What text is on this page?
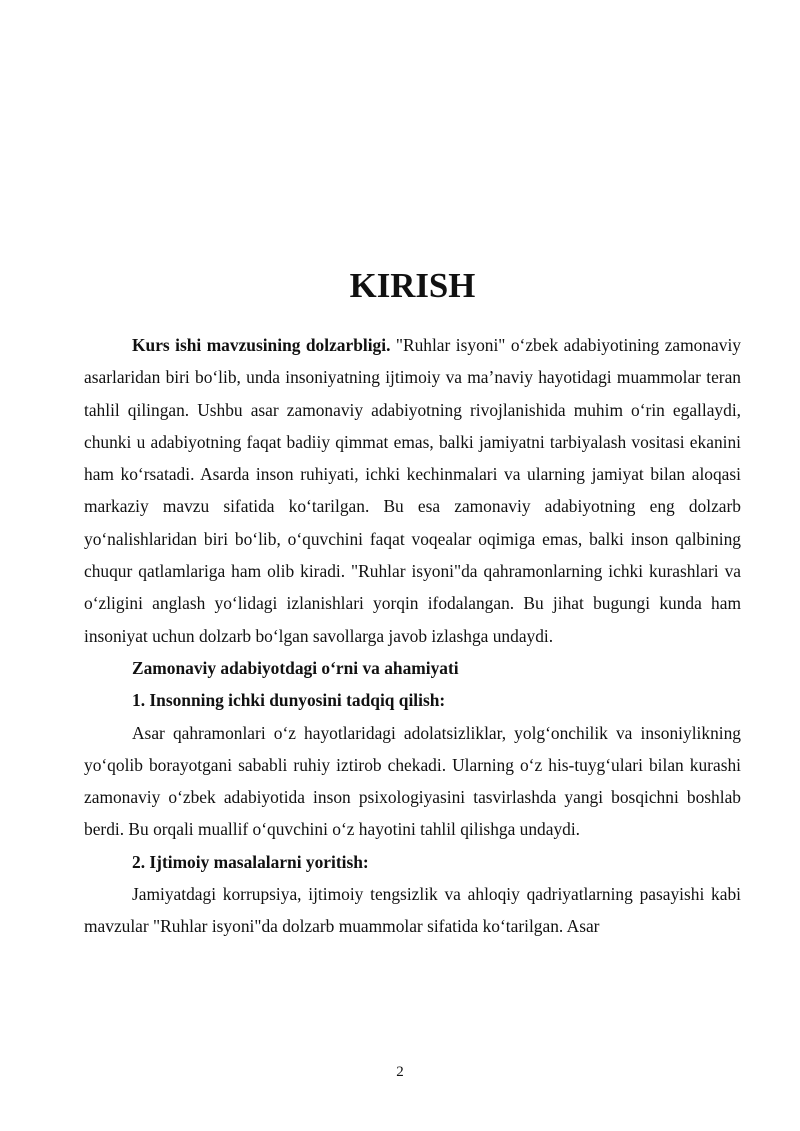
KIRISH

Kurs ishi mavzusining dolzarbligi. "Ruhlar isyoni" o‘zbek adabiyotining zamonaviy asarlaridan biri bo‘lib, unda insoniyatning ijtimoiy va ma’naviy hayotidagi muammolar teran tahlil qilingan. Ushbu asar zamonaviy adabiyotning rivojlanishida muhim o‘rin egallaydi, chunki u adabiyotning faqat badiiy qimmat emas, balki jamiyatni tarbiyalash vositasi ekanini ham ko‘rsatadi. Asarda inson ruhiyati, ichki kechinmalari va ularning jamiyat bilan aloqasi markaziy mavzu sifatida ko‘tarilgan. Bu esa zamonaviy adabiyotning eng dolzarb yo‘nalishlaridan biri bo‘lib, o‘quvchini faqat voqealar oqimiga emas, balki inson qalbining chuqur qatlamlariga ham olib kiradi. "Ruhlar isyoni"da qahramonlarning ichki kurashlari va o‘zligini anglash yo‘lidagi izlanishlari yorqin ifodalangan. Bu jihat bugungi kunda ham insoniyat uchun dolzarb bo‘lgan savollarga javob izlashga undaydi.

Zamonaviy adabiyotdagi o‘rni va ahamiyati

1. Insonning ichki dunyosini tadqiq qilish:

Asar qahramonlari o‘z hayotlaridagi adolatsizliklar, yolg‘onchilik va insoniylikning yo‘qolib borayotgani sababli ruhiy iztirob chekadi. Ularning o‘z his-tuyg‘ulari bilan kurashi zamonaviy o‘zbek adabiyotida inson psixologiyasini tasvirlashda yangi bosqichni boshlab berdi. Bu orqali muallif o‘quvchini o‘z hayotini tahlil qilishga undaydi.

2. Ijtimoiy masalalarni yoritish:

Jamiyatdagi korrupsiya, ijtimoiy tengsizlik va ahloqiy qadriyatlarning pasayishi kabi mavzular "Ruhlar isyoni"da dolzarb muammolar sifatida ko‘tarilgan. Asar

2
